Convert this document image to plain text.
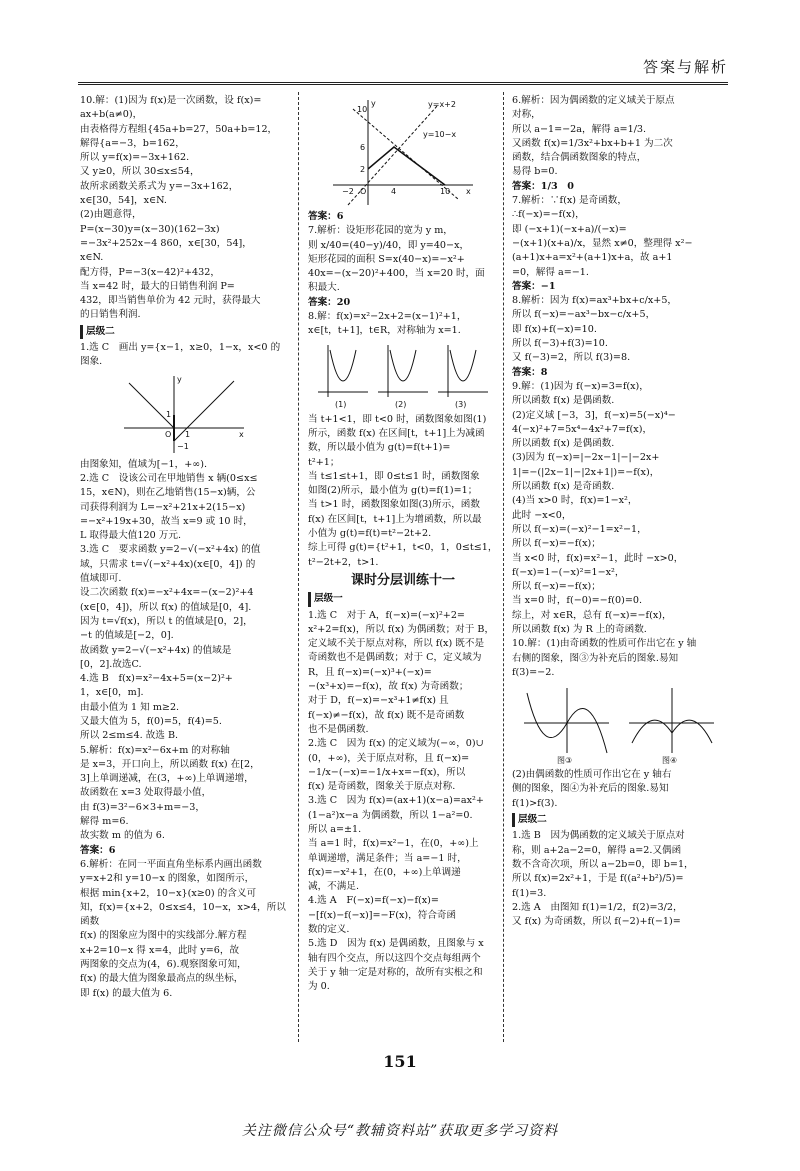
答案与解析
10.解：(1)因为 f(x)是一次函数，设 f(x)=
ax+b(a≠0)，
由表格得方程组{45a+b=27，50a+b=12，
解得{a=−3，b=162，
所以 y=f(x)=−3x+162.
又 y≥0，所以 30≤x≤54，
故所求函数关系式为 y=−3x+162，
x∈[30，54]，x∈N.
(2)由题意得，
P=(x−30)y=(x−30)(162−3x)
=−3x²+252x−4 860，x∈[30，54]，
x∈N.
配方得，P=−3(x−42)²+432，
当 x=42 时，最大的日销售利润 P=
432，即当销售单价为 42 元时，获得最大
的日销售利润.
层级二
1.选 C　画出 y={x−1，x≥0，1−x，x<0 的图象.
y
x
1
O 1
−1
由图象知，值域为[−1，+∞).
2.选 C　设该公司在甲地销售 x 辆(0≤x≤
15，x∈N)，则在乙地销售(15−x)辆，公
司获得利润为 L=−x²+21x+2(15−x)
=−x²+19x+30，故当 x=9 或 10 时，
L 取得最大值120 万元.
3.选 C　要求函数 y=2−√(−x²+4x) 的值
域，只需求 t=√(−x²+4x)(x∈[0，4]) 的
值域即可.
设二次函数 f(x)=−x²+4x=−(x−2)²+4
(x∈[0，4])，所以 f(x) 的值域是[0，4].
因为 t=√f(x)，所以 t 的值域是[0，2]，
−t 的值域是[−2，0].
故函数 y=2−√(−x²+4x) 的值域是
[0，2].故选C.
4.选 B　f(x)=x²−4x+5=(x−2)²+
1，x∈[0，m].
由最小值为 1 知 m≥2.
又最大值为 5，f(0)=5，f(4)=5.
所以 2≤m≤4. 故选 B.
5.解析：f(x)=x²−6x+m 的对称轴
是 x=3，开口向上，所以函数 f(x) 在[2，
3]上单调递减，在(3，+∞)上单调递增，
故函数在 x=3 处取得最小值，
由 f(3)=3²−6×3+m=−3，
解得 m=6.
故实数 m 的值为 6.
答案：6
6.解析：在同一平面直角坐标系内画出函数
y=x+2和 y=10−x 的图象，如图所示，
根据 min{x+2，10−x}(x≥0) 的含义可
知，f(x)={x+2，0≤x≤4，10−x，x>4，所以函数
f(x) 的图象应为图中的实线部分.解方程
x+2=10−x 得 x=4，此时 y=6，故
两图象的交点为(4，6).观察图象可知，
f(x) 的最大值为图象最高点的纵坐标，
即 f(x) 的最大值为 6.
y
x
y=x+2
y=10−x
10
6
2
O	4	10
−2
答案：6
7.解析：设矩形花园的宽为 y m，
则 x/40=(40−y)/40，即 y=40−x，
矩形花园的面积 S=x(40−x)=−x²+
40x=−(x−20)²+400，当 x=20 时，面
积最大.
答案：20
8.解：f(x)=x²−2x+2=(x−1)²+1，
x∈[t，t+1]，t∈R，对称轴为 x=1.
(1)	(2)	(3)
当 t+1<1，即 t<0 时，函数图象如图(1)
所示，函数 f(x) 在区间[t，t+1]上为减函
数，所以最小值为 g(t)=f(t+1)=
t²+1；
当 t≤1≤t+1，即 0≤t≤1 时，函数图象
如图(2)所示，最小值为 g(t)=f(1)=1；
当 t>1 时，函数图象如图(3)所示，函数
f(x) 在区间[t，t+1]上为增函数，所以最
小值为 g(t)=f(t)=t²−2t+2.
综上可得 g(t)={t²+1，t<0，1，0≤t≤1，t²−2t+2，t>1.
课时分层训练十一
层级一
1.选 C　对于 A，f(−x)=(−x)²+2=
x²+2=f(x)，所以 f(x) 为偶函数；对于 B，
定义域不关于原点对称，所以 f(x) 既不是
奇函数也不是偶函数；对于 C，定义域为
R，且 f(−x)=(−x)³+(−x)=
−(x³+x)=−f(x)，故 f(x) 为奇函数；
对于 D，f(−x)=−x³+1≠f(x) 且
f(−x)≠−f(x)，故 f(x) 既不是奇函数
也不是偶函数.
2.选 C　因为 f(x) 的定义域为(−∞，0)∪
(0，+∞)，关于原点对称，且 f(−x)=
−1/x−(−x)=−1/x+x=−f(x)，所以
f(x) 是奇函数，图象关于原点对称.
3.选 C　因为 f(x)=(ax+1)(x−a)=ax²+
(1−a²)x−a 为偶函数，所以 1−a²=0.
所以 a=±1.
当 a=1 时，f(x)=x²−1，在(0，+∞)上
单调递增，满足条件；当 a=−1 时，
f(x)=−x²+1，在(0，+∞)上单调递
减，不满足.
4.选 A　F(−x)=f(−x)−f(x)=
−[f(x)−f(−x)]=−F(x)，符合奇函
数的定义.
5.选 D　因为 f(x) 是偶函数，且图象与 x
轴有四个交点，所以这四个交点每组两个
关于 y 轴一定是对称的，故所有实根之和
为 0.
6.解析：因为偶函数的定义域关于原点
对称，
所以 a−1=−2a，解得 a=1/3.
又函数 f(x)=1/3x²+bx+b+1 为二次
函数，结合偶函数图象的特点，
易得 b=0.
答案：1/3　0
7.解析：∵f(x) 是奇函数，
∴f(−x)=−f(x)，
即 (−x+1)(−x+a)/(−x)=
−(x+1)(x+a)/x，显然 x≠0，整理得 x²−
(a+1)x+a=x²+(a+1)x+a，故 a+1
=0，解得 a=−1.
答案：−1
8.解析：因为 f(x)=ax³+bx+c/x+5，
所以 f(−x)=−ax³−bx−c/x+5，
即 f(x)+f(−x)=10.
所以 f(−3)+f(3)=10.
又 f(−3)=2，所以 f(3)=8.
答案：8
9.解：(1)因为 f(−x)=3=f(x)，
所以函数 f(x) 是偶函数.
(2)定义域 [−3，3]，f(−x)=5(−x)⁴−
4(−x)²+7=5x⁴−4x²+7=f(x)，
所以函数 f(x) 是偶函数.
(3)因为 f(−x)=|−2x−1|−|−2x+
1|=−(|2x−1|−|2x+1|)=−f(x)，
所以函数 f(x) 是奇函数.
(4)当 x>0 时，f(x)=1−x²，
此时 −x<0，
所以 f(−x)=(−x)²−1=x²−1，
所以 f(−x)=−f(x)；
当 x<0 时，f(x)=x²−1，此时 −x>0，
f(−x)=1−(−x)²=1−x²，
所以 f(−x)=−f(x)；
当 x=0 时，f(−0)=−f(0)=0.
综上，对 x∈R，总有 f(−x)=−f(x)，
所以函数 f(x) 为 R 上的奇函数.
10.解：(1)由奇函数的性质可作出它在 y 轴
右侧的图象，图③为补充后的图象.易知
f(3)=−2.
图③	图④
(2)由偶函数的性质可作出它在 y 轴右
侧的图象，图④为补充后的图象.易知
f(1)>f(3).
层级二
1.选 B　因为偶函数的定义域关于原点对
称，则 a+2a−2=0，解得 a=2.又偶函
数不含奇次项，所以 a−2b=0，即 b=1，
所以 f(x)=2x²+1，于是 f((a²+b²)/5)=
f(1)=3.
2.选 A　由图知 f(1)=1/2，f(2)=3/2，
又 f(x) 为奇函数，所以 f(−2)+f(−1)=
151
关注微信公众号“教辅资料站”获取更多学习资料
